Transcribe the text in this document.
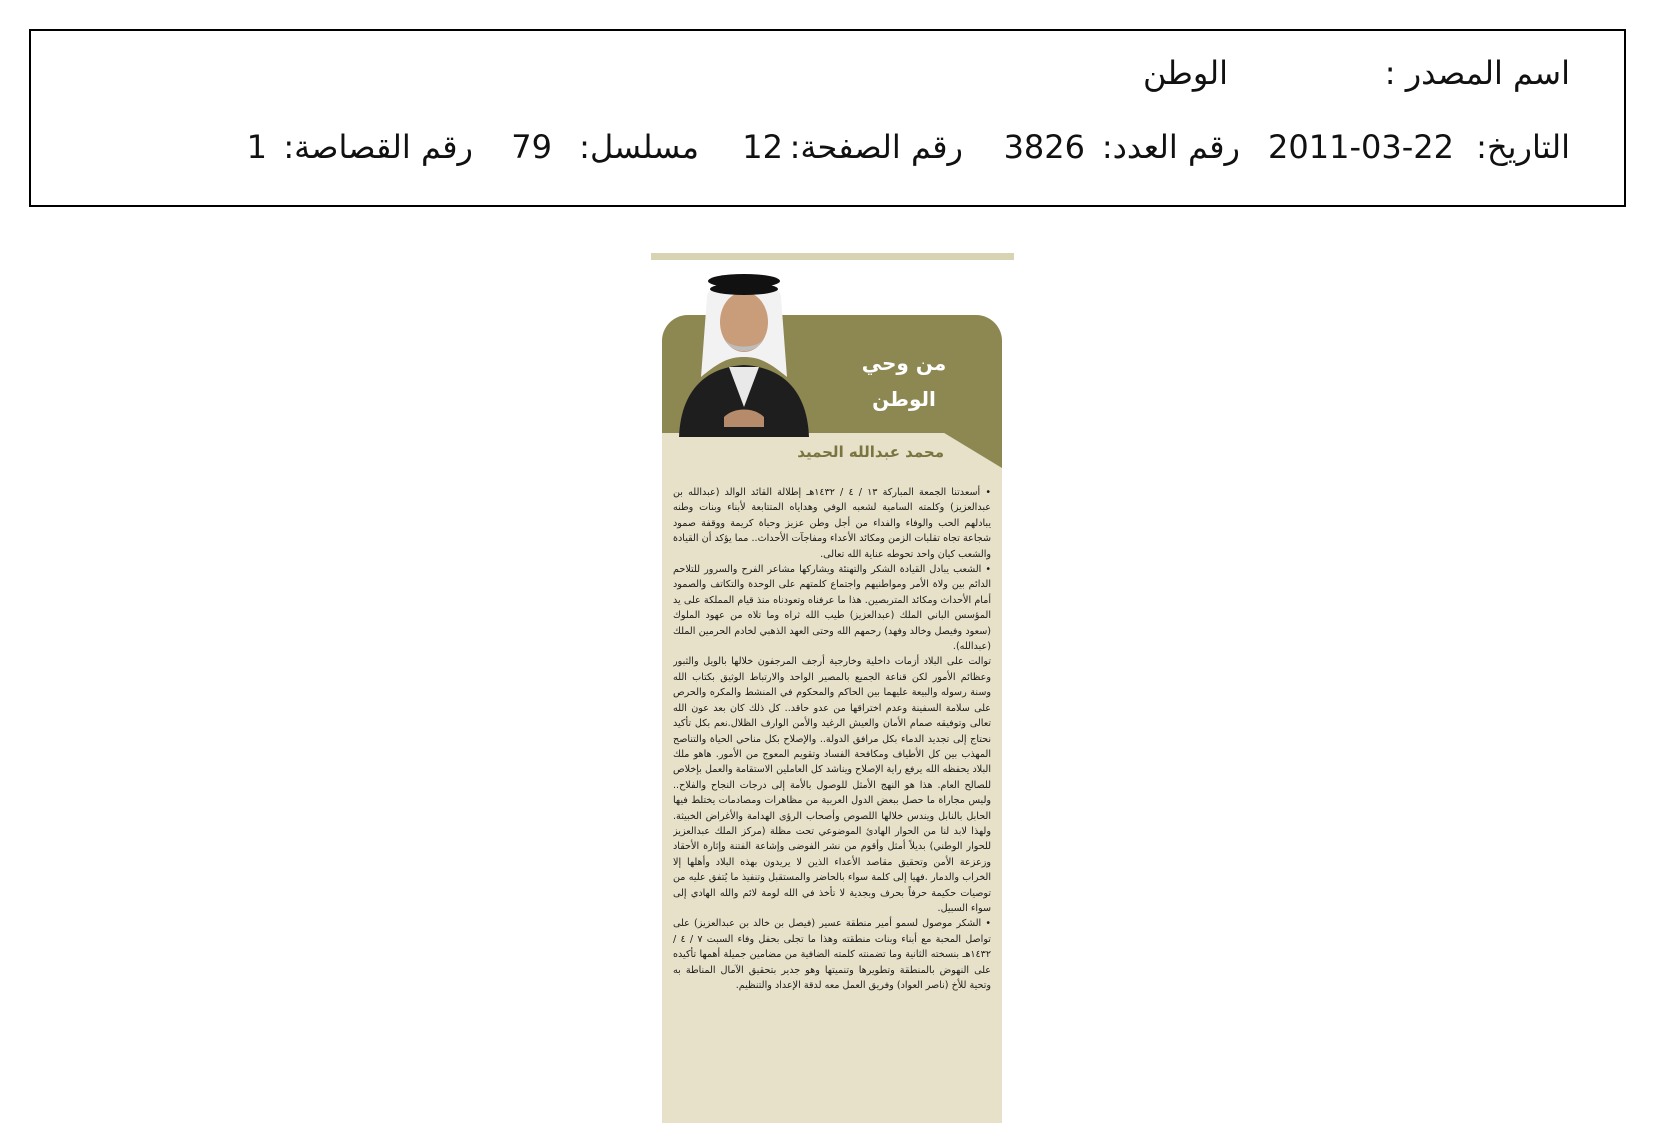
اسم المصدر :
الوطن
التاريخ:
2011-03-22
رقم العدد:
3826
رقم الصفحة:
12
مسلسل:
79
رقم القصاصة:
1
من وحي
الوطن
محمد عبدالله الحميد

• أسعدتنا الجمعة المباركة ١٣ / ٤ / ١٤٣٢هـ إطلالة القائد الوالد (عبدالله بن عبدالعزيز) وكلمته السامية لشعبه الوفي وهداياه المتتابعة لأبناء وبنات وطنه يبادلهم الحب والوفاء والفداء من أجل وطن عزيز وحياة كريمة ووقفة صمود شجاعة تجاه تقلبات الزمن ومكائد الأعداء ومفاجآت الأحداث.. مما يؤكد أن القيادة والشعب كيان واحد تحوطه عناية الله تعالى.

• الشعب يبادل القيادة الشكر والتهنئة ويشاركها مشاعر الفرح والسرور للتلاحم الدائم بين ولاة الأمر ومواطنيهم واجتماع كلمتهم على الوحدة والتكاتف والصمود أمام الأحداث ومكائد المتربصين. هذا ما عرفناه وتعودناه منذ قيام المملكة على يد المؤسس الباني الملك (عبدالعزيز) طيب الله ثراه وما تلاه من عهود الملوك (سعود وفيصل وخالد وفهد) رحمهم الله وحتى العهد الذهبي لخادم الحرمين الملك (عبدالله).

توالت على البلاد أزمات داخلية وخارجية أرجف المرجفون خلالها بالويل والثبور وعظائم الأمور لكن قناعة الجميع بالمصير الواحد والارتباط الوثيق بكتاب الله وسنة رسوله والبيعة عليهما بين الحاكم والمحكوم في المنشط والمكره والحرص على سلامة السفينة وعدم اختراقها من عدو حاقد.. كل ذلك كان بعد عون الله تعالى وتوفيقه صمام الأمان والعيش الرغيد والأمن الوارف الظلال.نعم بكل تأكيد نحتاج إلى تجديد الدماء بكل مرافق الدولة.. والإصلاح بكل مناحي الحياة والتناصح المهذب بين كل الأطياف ومكافحة الفساد وتقويم المعوج من الأمور. هاهو ملك البلاد يحفظه الله يرفع راية الإصلاح ويناشد كل العاملين الاستقامة والعمل بإخلاص للصالح العام. هذا هو النهج الأمثل للوصول بالأمة إلى درجات النجاح والفلاح.. وليس مجاراة ما حصل ببعض الدول العربية من مظاهرات ومصادمات يختلط فيها الحابل بالنابل ويندس خلالها اللصوص وأصحاب الرؤى الهدامة والأغراض الخبيثة. ولهذا لابد لنا من الحوار الهادئ الموضوعي تحت مظلة (مركز الملك عبدالعزيز للحوار الوطني) بديلاً أمثل وأقوم من نشر الفوضى وإشاعة الفتنة وإثارة الأحقاد وزعزعة الأمن وتحقيق مقاصد الأعداء الذين لا يريدون بهذه البلاد وأهلها إلا الخراب والدمار .فهيا إلى كلمة سواء بالحاضر والمستقبل وتنفيذ ما يُتفق عليه من توصيات حكيمة حرفاً بحرف وبجدية لا تأخذ في الله لومة لائم والله الهادي إلى سواء السبيل.

• الشكر موصول لسمو أمير منطقة عسير (فيصل بن خالد بن عبدالعزيز) على تواصل المحبة مع أبناء وبنات منطقته وهذا ما تجلى بحفل وفاء السبت ٧ / ٤ / ١٤٣٢هـ بنسخته الثانية وما تضمنته كلمته الضافية من مضامين جميلة أهمها تأكيده على النهوض بالمنطقة وتطويرها وتنميتها وهو جدير بتحقيق الآمال المناطة به وتحية للأخ (ناصر العواد) وفريق العمل معه لدقة الإعداد والتنظيم.
